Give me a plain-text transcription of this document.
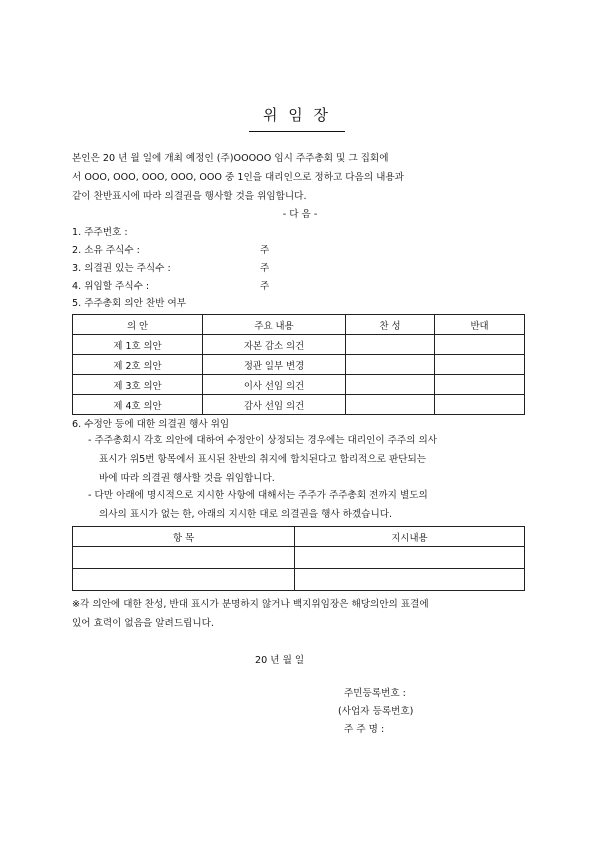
위 임 장
본인은 20 년 월 일에 개최 예정인 (주)OOOOO 임시 주주총회 및 그 집회에
서 OOO, OOO, OOO, OOO, OOO 중 1인을 대리인으로 정하고 다음의 내용과
같이 찬반표시에 따라 의결권을 행사할 것을 위임합니다.
- 다 음 -
1. 주주번호 :
2. 소유 주식수 :	주
3. 의결권 있는 주식수 :	주
4. 위임할 주식수 :	주
5. 주주총회 의안 찬반 여부
의 안	주요 내용	찬 성	반대
제 1호 의안	자본 감소 의건		
제 2호 의안	정관 일부 변경		
제 3호 의안	이사 선임 의건		
제 4호 의안	감사 선임 의건		
6. 수정안 등에 대한 의결권 행사 위임
- 주주총회시 각호 의안에 대하여 수정안이 상정되는 경우에는 대리인이 주주의 의사
표시가 위5번 항목에서 표시된 찬반의 취지에 합치된다고 합리적으로 판단되는
바에 따라 의결권 행사할 것을 위임합니다.
- 다만 아래에 명시적으로 지시한 사항에 대해서는 주주가 주주총회 전까지 별도의
의사의 표시가 없는 한, 아래의 지시한 대로 의결권을 행사 하겠습니다.
항 목	지시내용

※각 의안에 대한 찬성, 반대 표시가 분명하지 않거나 백지위임장은 해당의안의 표결에
있어 효력이 없음을 알려드립니다.
20 년 월 일
주민등록번호 :
(사업자 등록번호)
주 주 명 :
